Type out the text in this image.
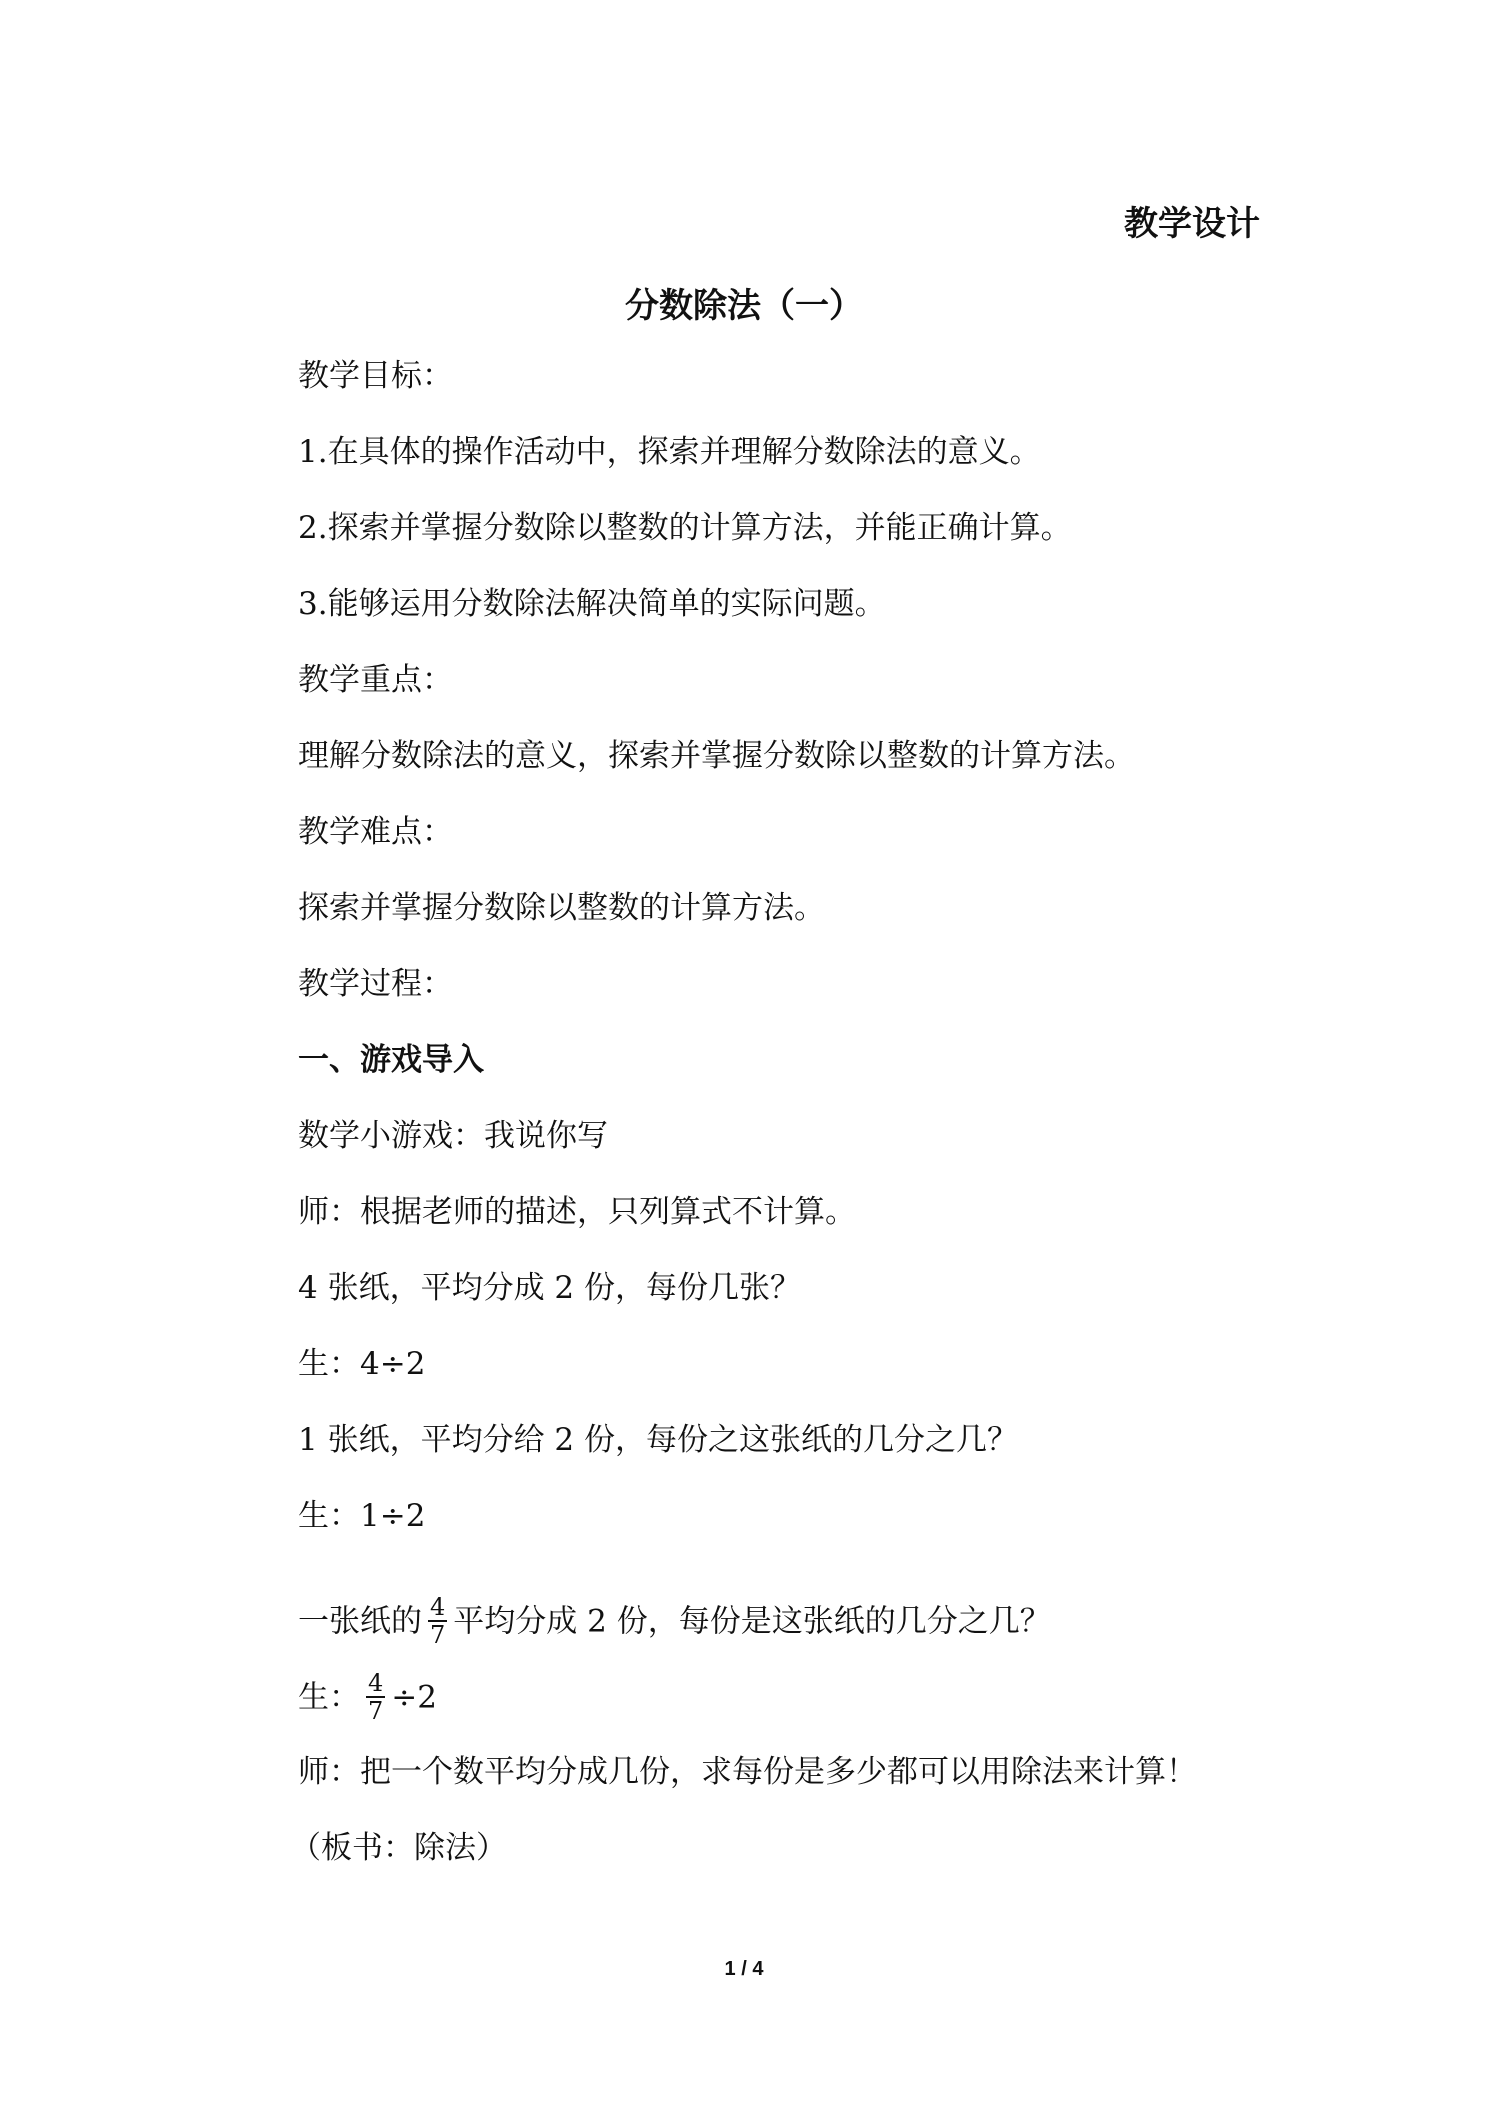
教学设计
分数除法（一）
教学目标：
1.在具体的操作活动中，探索并理解分数除法的意义。
2.探索并掌握分数除以整数的计算方法，并能正确计算。
3.能够运用分数除法解决简单的实际问题。
教学重点：
理解分数除法的意义，探索并掌握分数除以整数的计算方法。
教学难点：
探索并掌握分数除以整数的计算方法。
教学过程：
一、游戏导入
数学小游戏：我说你写
师：根据老师的描述，只列算式不计算。
4 张纸，平均分成 2 份，每份几张？
生：4÷2
1 张纸，平均分给 2 份，每份之这张纸的几分之几？
生：1÷2
一张纸的 $\frac{4}{7}$ 平均分成 2 份，每份是这张纸的几分之几？
生： $\frac{4}{7} \div 2$
师：把一个数平均分成几份，求每份是多少都可以用除法来计算！
（板书：除法）
1 / 4
